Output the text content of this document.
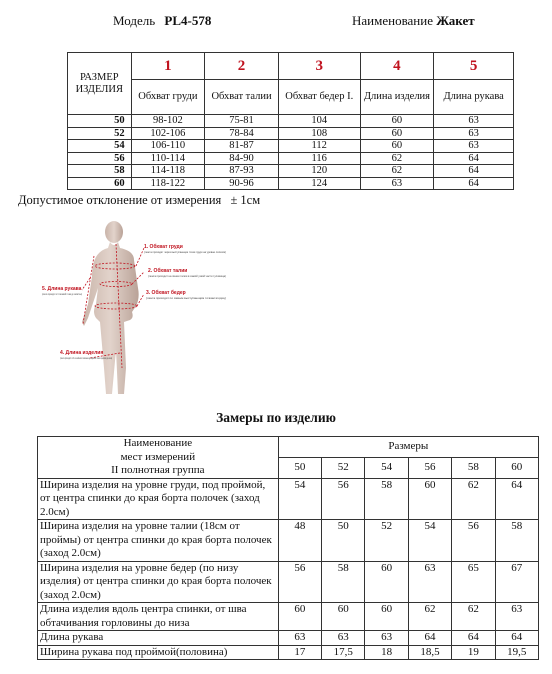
Модель PL4-578	Наименование Жакет
РАЗМЕР ИЗДЕЛИЯ	1	2	3	4	5
	Обхват груди	Обхват талии	Обхват бедер I.	Длина изделия	Длина рукава
50	98-102	75-81	104	60	63
52	102-106	78-84	108	60	63
54	106-110	81-87	112	60	63
56	110-114	84-90	116	62	64
58	114-118	87-93	120	62	64
60	118-122	90-96	124	63	64
Допустимое отклонение от измерения ± 1см
1. Обхват груди
2. Обхват талии
3. Обхват бедер
4. Длина изделия
5. Длина рукава
(лента проходит через выступающие точки груди на уровне лопаток)
(лента проходит на линии талии в самой узкой части туловища)
(лента проходит по самым выступающим точкам ягодиц)
(лента проходит от 6-го шейного позвонка до нужной точки изделия до низа)
(лента проходит от плечевой точки до запястья)
Замеры по изделию
Наименование
мест измерений
II полнотная группа	Размеры					
	50	52	54	56	58	60
Ширина изделия на уровне груди, под проймой, от центра спинки до края борта полочек (заход 2.0см)	54	56	58	60	62	64
Ширина изделия на уровне талии (18см от проймы) от центра спинки до края борта полочек (заход 2.0см)	48	50	52	54	56	58
Ширина изделия на уровне бедер (по низу изделия) от центра спинки до края борта полочек (заход 2.0см)	56	58	60	63	65	67
Длина изделия вдоль центра спинки, от шва обтачивания горловины до низа	60	60	60	62	62	63
Длина рукава	63	63	63	64	64	64
Ширина рукава под проймой(половина)	17	17,5	18	18,5	19	19,5
